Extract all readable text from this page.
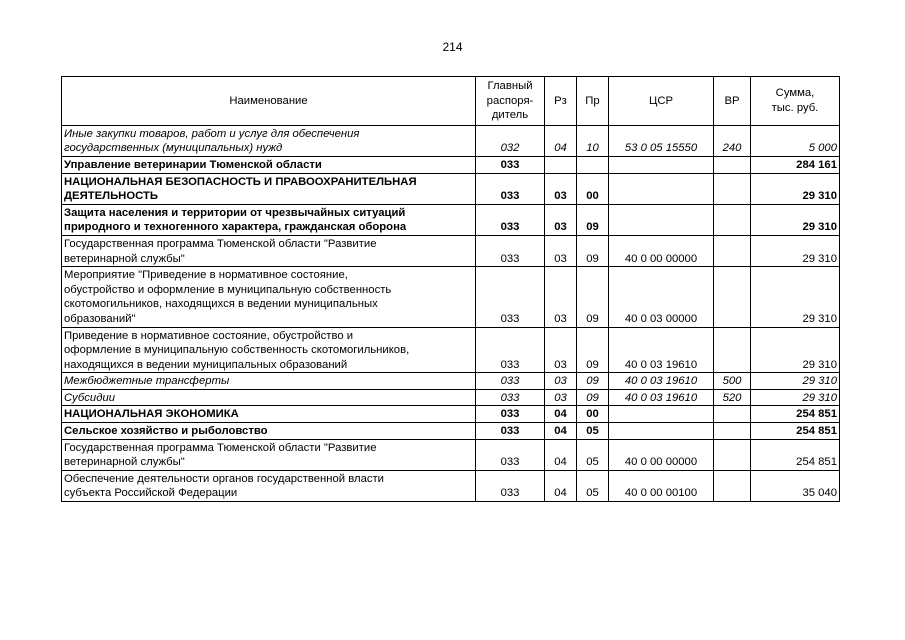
214
Наименование	Главный
распоря-
дитель	Рз	Пр	ЦСР	ВР	Сумма,
тыс. руб.
Иные закупки товаров, работ и услуг для обеспечения
государственных (муниципальных) нужд	032	04	10	53 0 05 15550	240	5 000
Управление ветеринарии Тюменской области	033					284 161
НАЦИОНАЛЬНАЯ БЕЗОПАСНОСТЬ И ПРАВООХРАНИТЕЛЬНАЯ
ДЕЯТЕЛЬНОСТЬ	033	03	00			29 310
Защита населения и территории от чрезвычайных ситуаций
природного и техногенного характера, гражданская оборона	033	03	09			29 310
Государственная программа Тюменской области "Развитие
ветеринарной службы"	033	03	09	40 0 00 00000		29 310
Мероприятие "Приведение в нормативное состояние,
обустройство и оформление в муниципальную собственность
скотомогильников, находящихся в ведении муниципальных
образований"	033	03	09	40 0 03 00000		29 310
Приведение в нормативное состояние, обустройство и
оформление в муниципальную собственность скотомогильников,
находящихся в ведении муниципальных образований	033	03	09	40 0 03 19610		29 310
Межбюджетные трансферты	033	03	09	40 0 03 19610	500	29 310
Субсидии	033	03	09	40 0 03 19610	520	29 310
НАЦИОНАЛЬНАЯ ЭКОНОМИКА	033	04	00			254 851
Сельское хозяйство и рыболовство	033	04	05			254 851
Государственная программа Тюменской области "Развитие
ветеринарной службы"	033	04	05	40 0 00 00000		254 851
Обеспечение деятельности органов государственной власти
субъекта Российской Федерации	033	04	05	40 0 00 00100		35 040
